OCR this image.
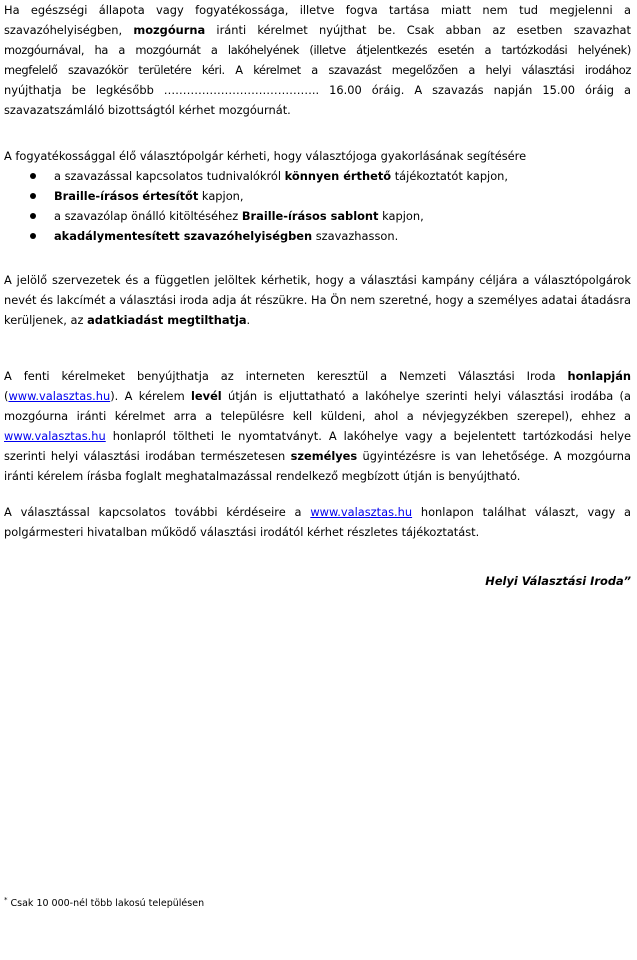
Ha egészségi állapota vagy fogyatékossága, illetve fogva tartása miatt nem tud megjelenni a
szavazóhelyiségben, mozgóurna iránti kérelmet nyújthat be. Csak abban az esetben szavazhat
mozgóurnával, ha a mozgóurnát a lakóhelyének (illetve átjelentkezés esetén a tartózkodási helyének)
megfelelő szavazókör területére kéri. A kérelmet a szavazást megelőzően a helyi választási irodához
nyújthatja be legkésőbb ………………………………….. 16.00 óráig. A szavazás napján 15.00 óráig a
szavazatszámláló bizottságtól kérhet mozgóurnát.
A fogyatékossággal élő választópolgár kérheti, hogy választójoga gyakorlásának segítésére
a szavazással kapcsolatos tudnivalókról könnyen érthető tájékoztatót kapjon,
Braille-írásos értesítőt kapjon,
a szavazólap önálló kitöltéséhez Braille-írásos sablont kapjon,
akadálymentesített szavazóhelyiségben szavazhasson.
A jelölő szervezetek és a független jelöltek kérhetik, hogy a választási kampány céljára a választópolgárok
nevét és lakcímét a választási iroda adja át részükre. Ha Ön nem szeretné, hogy a személyes adatai átadásra
kerüljenek, az adatkiadást megtilthatja.
A fenti kérelmeket benyújthatja az interneten keresztül a Nemzeti Választási Iroda honlapján
(www.valasztas.hu). A kérelem levél útján is eljuttatható a lakóhelye szerinti helyi választási irodába (a
mozgóurna iránti kérelmet arra a településre kell küldeni, ahol a névjegyzékben szerepel), ehhez a
www.valasztas.hu honlapról töltheti le nyomtatványt. A lakóhelye vagy a bejelentett tartózkodási helye
szerinti helyi választási irodában természetesen személyes ügyintézésre is van lehetősége. A mozgóurna
iránti kérelem írásba foglalt meghatalmazással rendelkező megbízott útján is benyújtható.
A választással kapcsolatos további kérdéseire a www.valasztas.hu honlapon találhat választ, vagy a
polgármesteri hivatalban működő választási irodától kérhet részletes tájékoztatást.
Helyi Választási Iroda”
* Csak 10 000-nél több lakosú településen
